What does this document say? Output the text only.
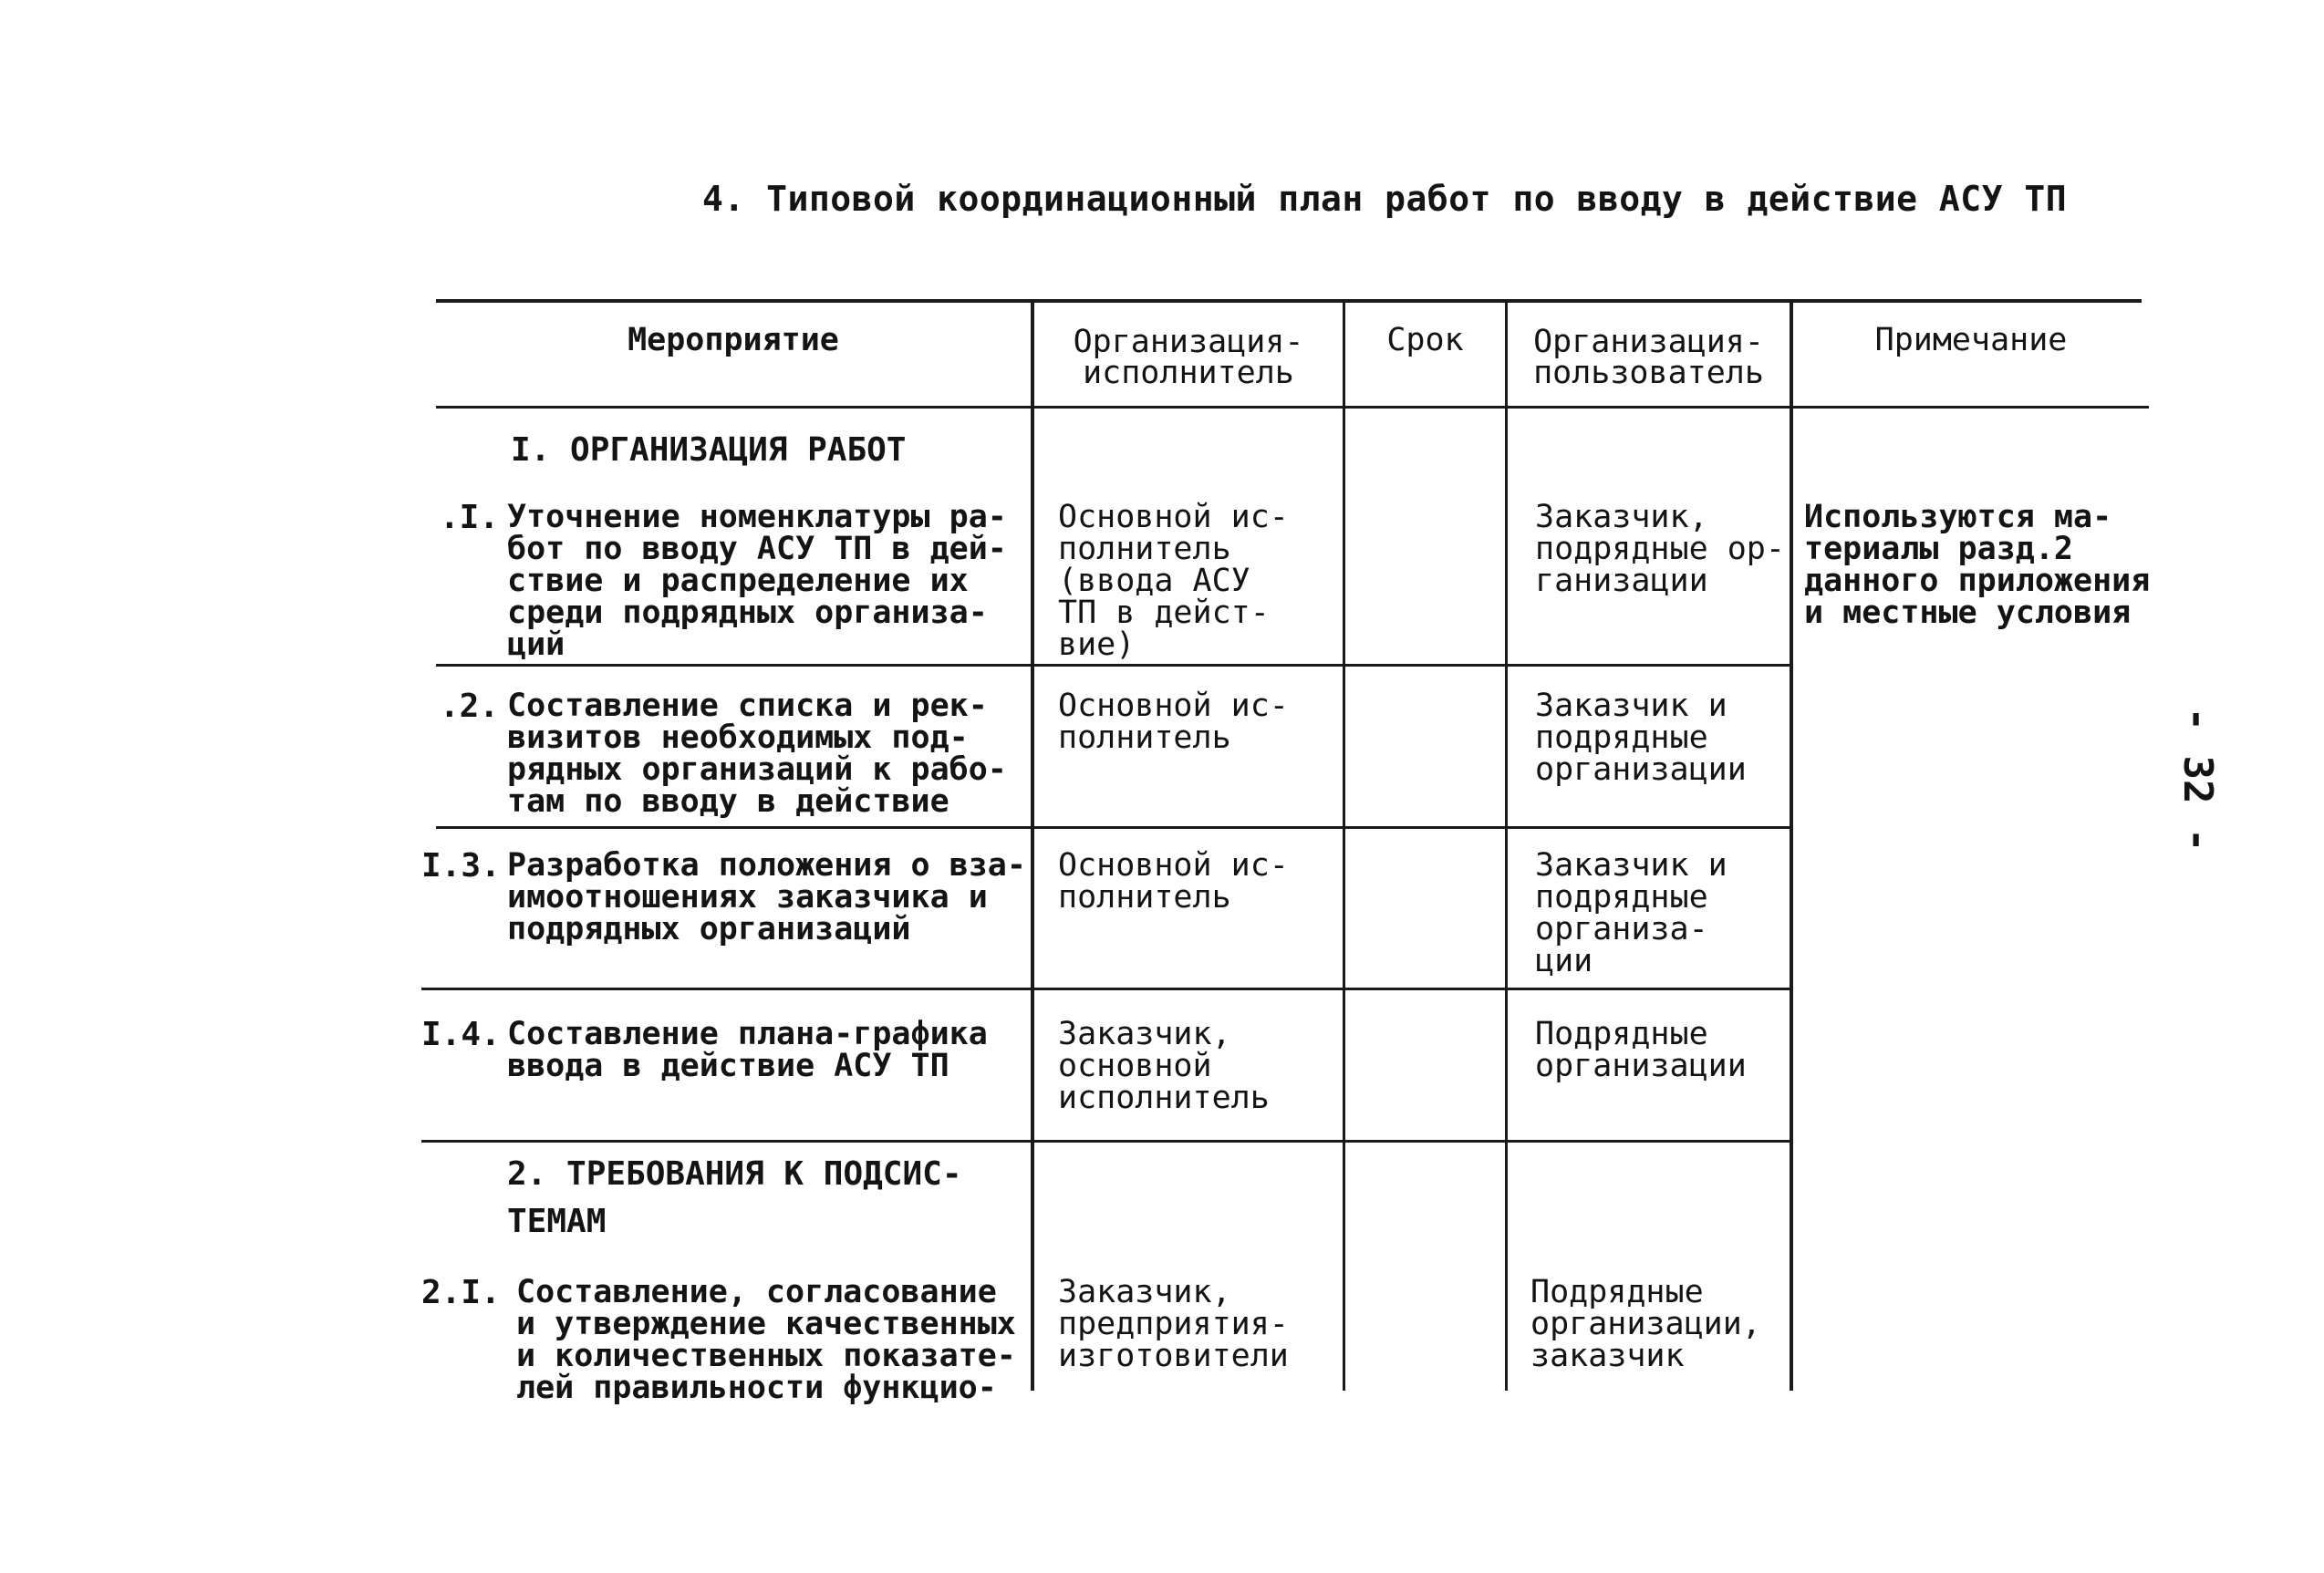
4. Типовой координационный план работ по вводу в действие АСУ ТП
- 32 -
Мероприятие	Организация-
исполнитель
Срок	Организация-
пользователь
Примечание
I. ОРГАНИЗАЦИЯ РАБОТ
.I. Уточнение номенклатуры ра-
бот по вводу АСУ ТП в дей-
ствие и распределение их
среди подрядных организа-
ций
Основной ис-
полнитель
(ввода АСУ
ТП в дейст-
вие)
Заказчик,
подрядные ор-
ганизации
Используются ма-
териалы разд.2
данного приложения
и местные условия
.2. Составление списка и рек-
визитов необходимых под-
рядных организаций к рабо-
там по вводу в действие
Основной ис-
полнитель
Заказчик и
подрядные
организации
I.3. Разработка положения о вза-
имоотношениях заказчика и
подрядных организаций
Основной ис-
полнитель
Заказчик и
подрядные
организа-
ции
I.4. Составление плана-графика
ввода в действие АСУ ТП
Заказчик,
основной
исполнитель
Подрядные
организации
2. ТРЕБОВАНИЯ К ПОДСИС-
ТЕМАМ
2.I. Составление, согласование
и утверждение качественных
и количественных показате-
лей правильности функцио-
Заказчик,
предприятия-
изготовители
Подрядные
организации,
заказчик
